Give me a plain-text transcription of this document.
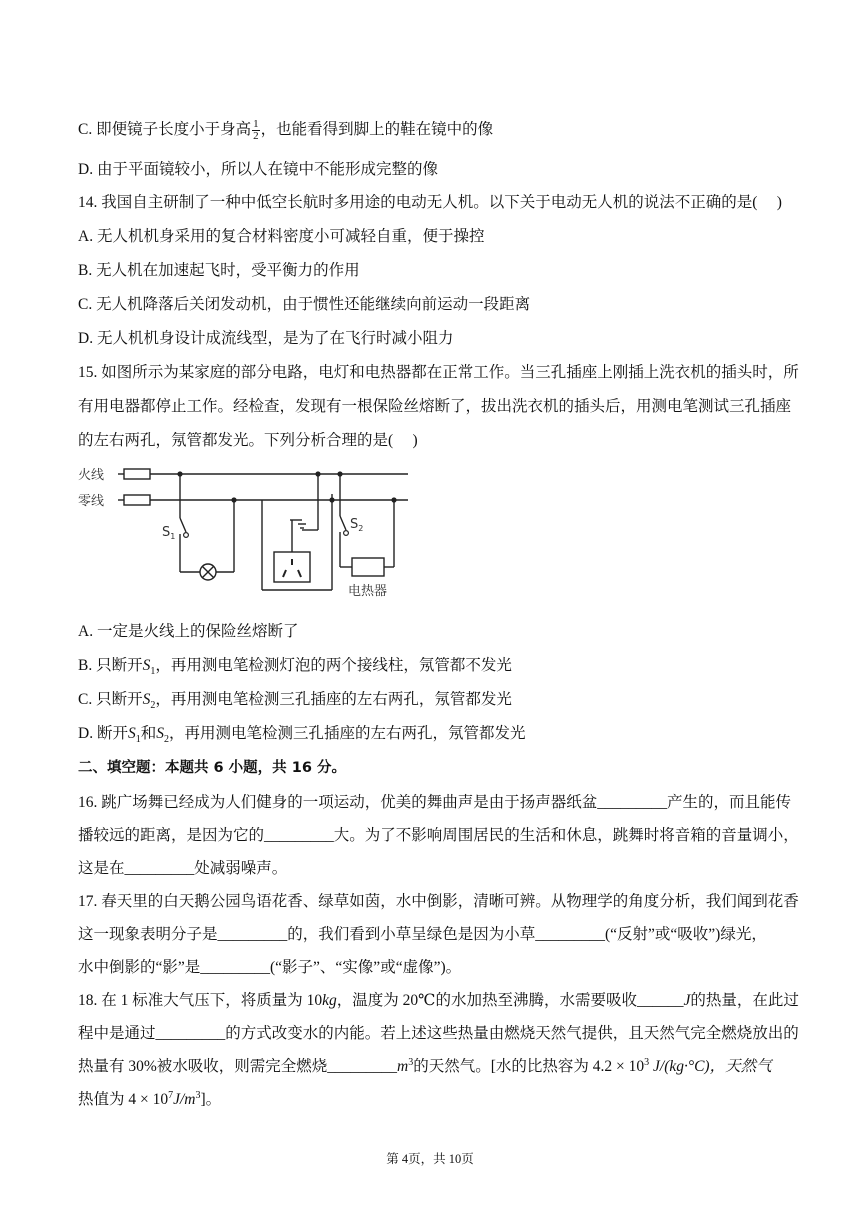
C. 即便镜子长度小于身高 $\frac{1}{2}$ ，也能看得到脚上的鞋在镜中的像
D. 由于平面镜较小，所以人在镜中不能形成完整的像
14. 我国自主研制了一种中低空长航时多用途的电动无人机。以下关于电动无人机的说法不正确的是(　 )
A. 无人机机身采用的复合材料密度小可减轻自重，便于操控
B. 无人机在加速起飞时，受平衡力的作用
C. 无人机降落后关闭发动机，由于惯性还能继续向前运动一段距离
D. 无人机机身设计成流线型，是为了在飞行时减小阻力
15. 如图所示为某家庭的部分电路，电灯和电热器都在正常工作。当三孔插座上刚插上洗衣机的插头时，所
有用电器都停止工作。经检查，发现有一根保险丝熔断了，拔出洗衣机的插头后，用测电笔测试三孔插座
的左右两孔，氖管都发光。下列分析合理的是(　 )
火线
零线
$S_1$
$S_2$
电热器
A. 一定是火线上的保险丝熔断了
B. 只断开$S_1$，再用测电笔检测灯泡的两个接线柱，氖管都不发光
C. 只断开$S_2$，再用测电笔检测三孔插座的左右两孔，氖管都发光
D. 断开$S_1$和$S_2$，再用测电笔检测三孔插座的左右两孔，氖管都发光
二、填空题：本题共 6 小题，共 16 分。
16. 跳广场舞已经成为人们健身的一项运动，优美的舞曲声是由于扬声器纸盆_________产生的，而且能传
播较远的距离，是因为它的_________大。为了不影响周围居民的生活和休息，跳舞时将音箱的音量调小，
这是在_________处减弱噪声。
17. 春天里的白天鹅公园鸟语花香、绿草如茵，水中倒影，清晰可辨。从物理学的角度分析，我们闻到花香
这一现象表明分子是_________的，我们看到小草呈绿色是因为小草_________(“反射”或“吸收”)绿光，
水中倒影的“影”是_________(“影子”、“实像”或“虚像”)。
18. 在 1 标准大气压下，将质量为 10kg，温度为 20℃的水加热至沸腾，水需要吸收______J的热量，在此过
程中是通过_________的方式改变水的内能。若上述这些热量由燃烧天然气提供，且天然气完全燃烧放出的
热量有 30%被水吸收，则需完全燃烧$\_\_\_\_\_\_\_\_\_m^3$的天然气。[水的比热容为 $4.2 \times 10^3$ J/(kg·°C)，天然气
热值为 $4 \times 10^7J/m^3$]。
第 4页，共 10页
